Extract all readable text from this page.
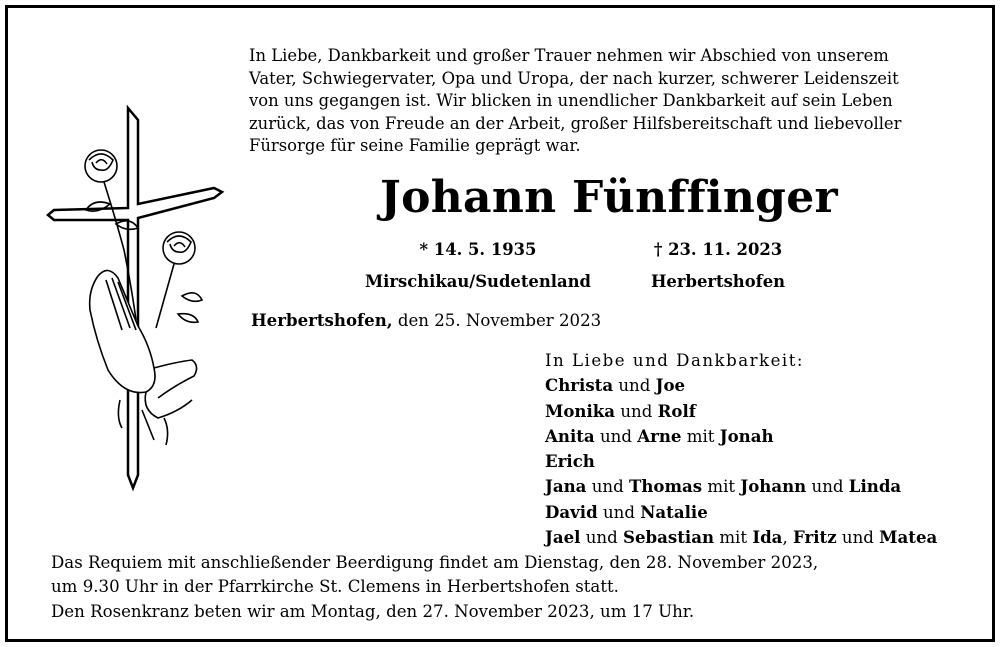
In Liebe, Dankbarkeit und großer Trauer nehmen wir Abschied von unserem
Vater, Schwiegervater, Opa und Uropa, der nach kurzer, schwerer Leidenszeit
von uns gegangen ist. Wir blicken in unendlicher Dankbarkeit auf sein Leben
zurück, das von Freude an der Arbeit, großer Hilfsbereitschaft und liebevoller
Fürsorge für seine Familie geprägt war.
Johann Fünffinger
* 14. 5. 1935
Mirschikau/Sudetenland
† 23. 11. 2023
Herbertshofen
Herbertshofen, den 25. November 2023
In Liebe und Dankbarkeit:
Christa und Joe
Monika und Rolf
Anita und Arne mit Jonah
Erich
Jana und Thomas mit Johann und Linda
David und Natalie
Jael und Sebastian mit Ida, Fritz und Matea
Das Requiem mit anschließender Beerdigung findet am Dienstag, den 28. November 2023,
um 9.30 Uhr in der Pfarrkirche St. Clemens in Herbertshofen statt.
Den Rosenkranz beten wir am Montag, den 27. November 2023, um 17 Uhr.
